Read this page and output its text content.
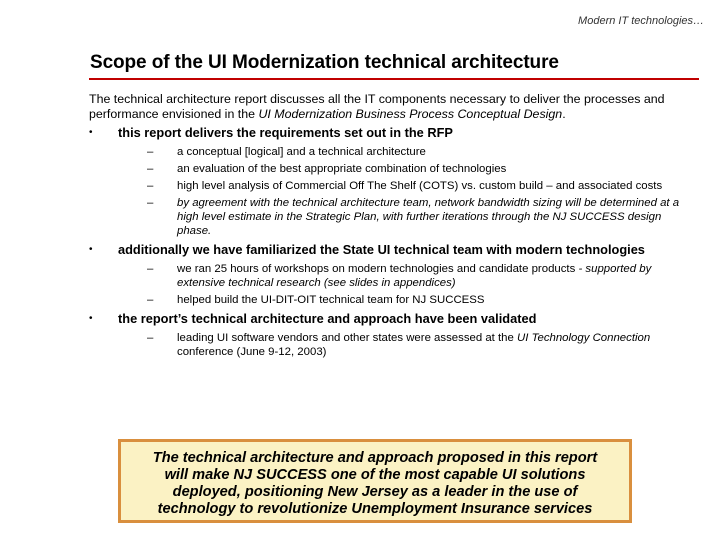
Modern IT technologies…
Scope of the UI Modernization technical architecture

The technical architecture report discusses all the IT components necessary to deliver the processes and performance envisioned in the UI Modernization Business Process Conceptual Design.

• this report delivers the requirements set out in the RFP
– a conceptual [logical] and a technical architecture
– an evaluation of the best appropriate combination of technologies
– high level analysis of Commercial Off The Shelf (COTS) vs. custom build – and associated costs
– by agreement with the technical architecture team, network bandwidth sizing will be determined at a high level estimate in the Strategic Plan, with further iterations through the NJ SUCCESS design phase.
• additionally we have familiarized the State UI technical team with modern technologies
– we ran 25 hours of workshops on modern technologies and candidate products - supported by extensive technical research (see slides in appendices)
– helped build the UI-DIT-OIT technical team for NJ SUCCESS
• the report’s technical architecture and approach have been validated
– leading UI software vendors and other states were assessed at the UI Technology Connection conference (June 9-12, 2003)
The technical architecture and approach proposed in this report
will make NJ SUCCESS one of the most capable UI solutions
deployed, positioning New Jersey as a leader in the use of
technology to revolutionize Unemployment Insurance services
